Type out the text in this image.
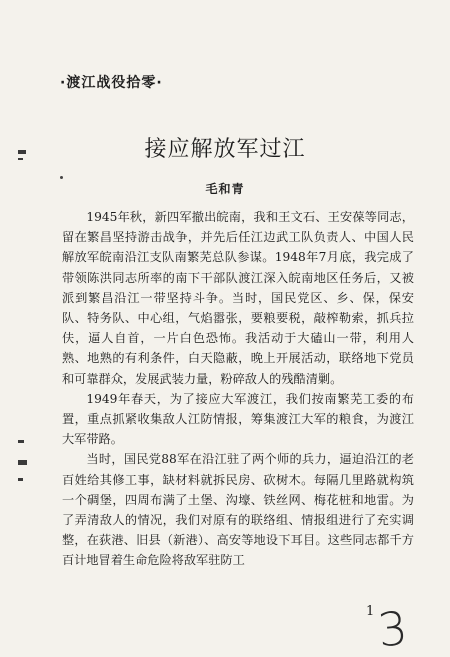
·渡江战役拾零·
接应解放军过江
毛和青

1945年秋，新四军撤出皖南，我和王文石、王安葆等同志，留在繁昌坚持游击战争，并先后任江边武工队负责人、中国人民解放军皖南沿江支队南繁芜总队参谋。1948年7月底，我完成了带领陈洪同志所率的南下干部队渡江深入皖南地区任务后，又被派到繁昌沿江一带坚持斗争。当时，国民党区、乡、保，保安队、特务队、中心组，气焰嚣张，要粮要税，敲榨勒索，抓兵拉伕，逼人自首，一片白色恐怖。我活动于大磕山一带，利用人熟、地熟的有利条件，白天隐蔽，晚上开展活动，联络地下党员和可靠群众，发展武装力量，粉碎敌人的残酷清剿。

1949年春天，为了接应大军渡江，我们按南繁芜工委的布置，重点抓紧收集敌人江防情报，筹集渡江大军的粮食，为渡江大军带路。

当时，国民党88军在沿江驻了两个师的兵力，逼迫沿江的老百姓给其修工事，缺材料就拆民房、砍树木。每隔几里路就构筑一个碉堡，四周布满了土堡、沟壕、铁丝网、梅花桩和地雷。为了弄清敌人的情况，我们对原有的联络组、情报组进行了充实调整，在荻港、旧县（新港）、高安等地设下耳目。这些同志都千方百计地冒着生命危险将敌军驻防工

1 3
